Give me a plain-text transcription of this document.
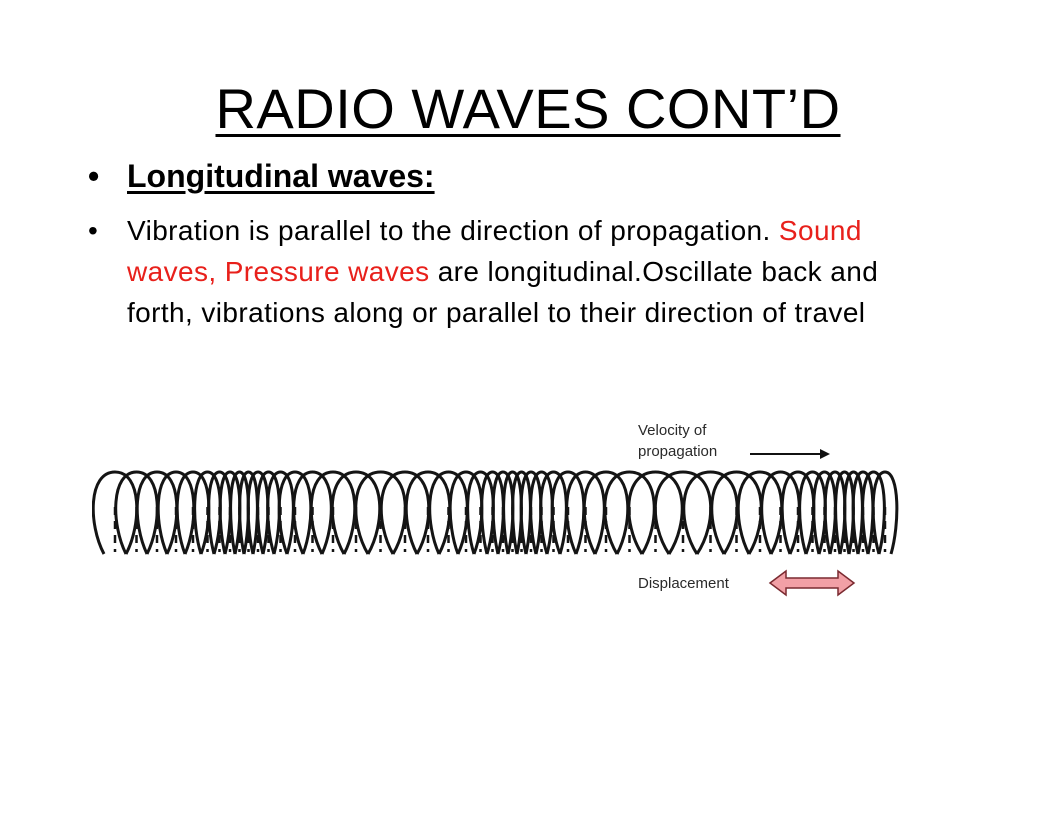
RADIO WAVES CONT’D
• Longitudinal waves:
• Vibration is parallel to the direction of propagation. Sound waves, Pressure waves are longitudinal.Oscillate back and forth, vibrations along or parallel to their direction of travel
Velocity of
propagation
Displacement
